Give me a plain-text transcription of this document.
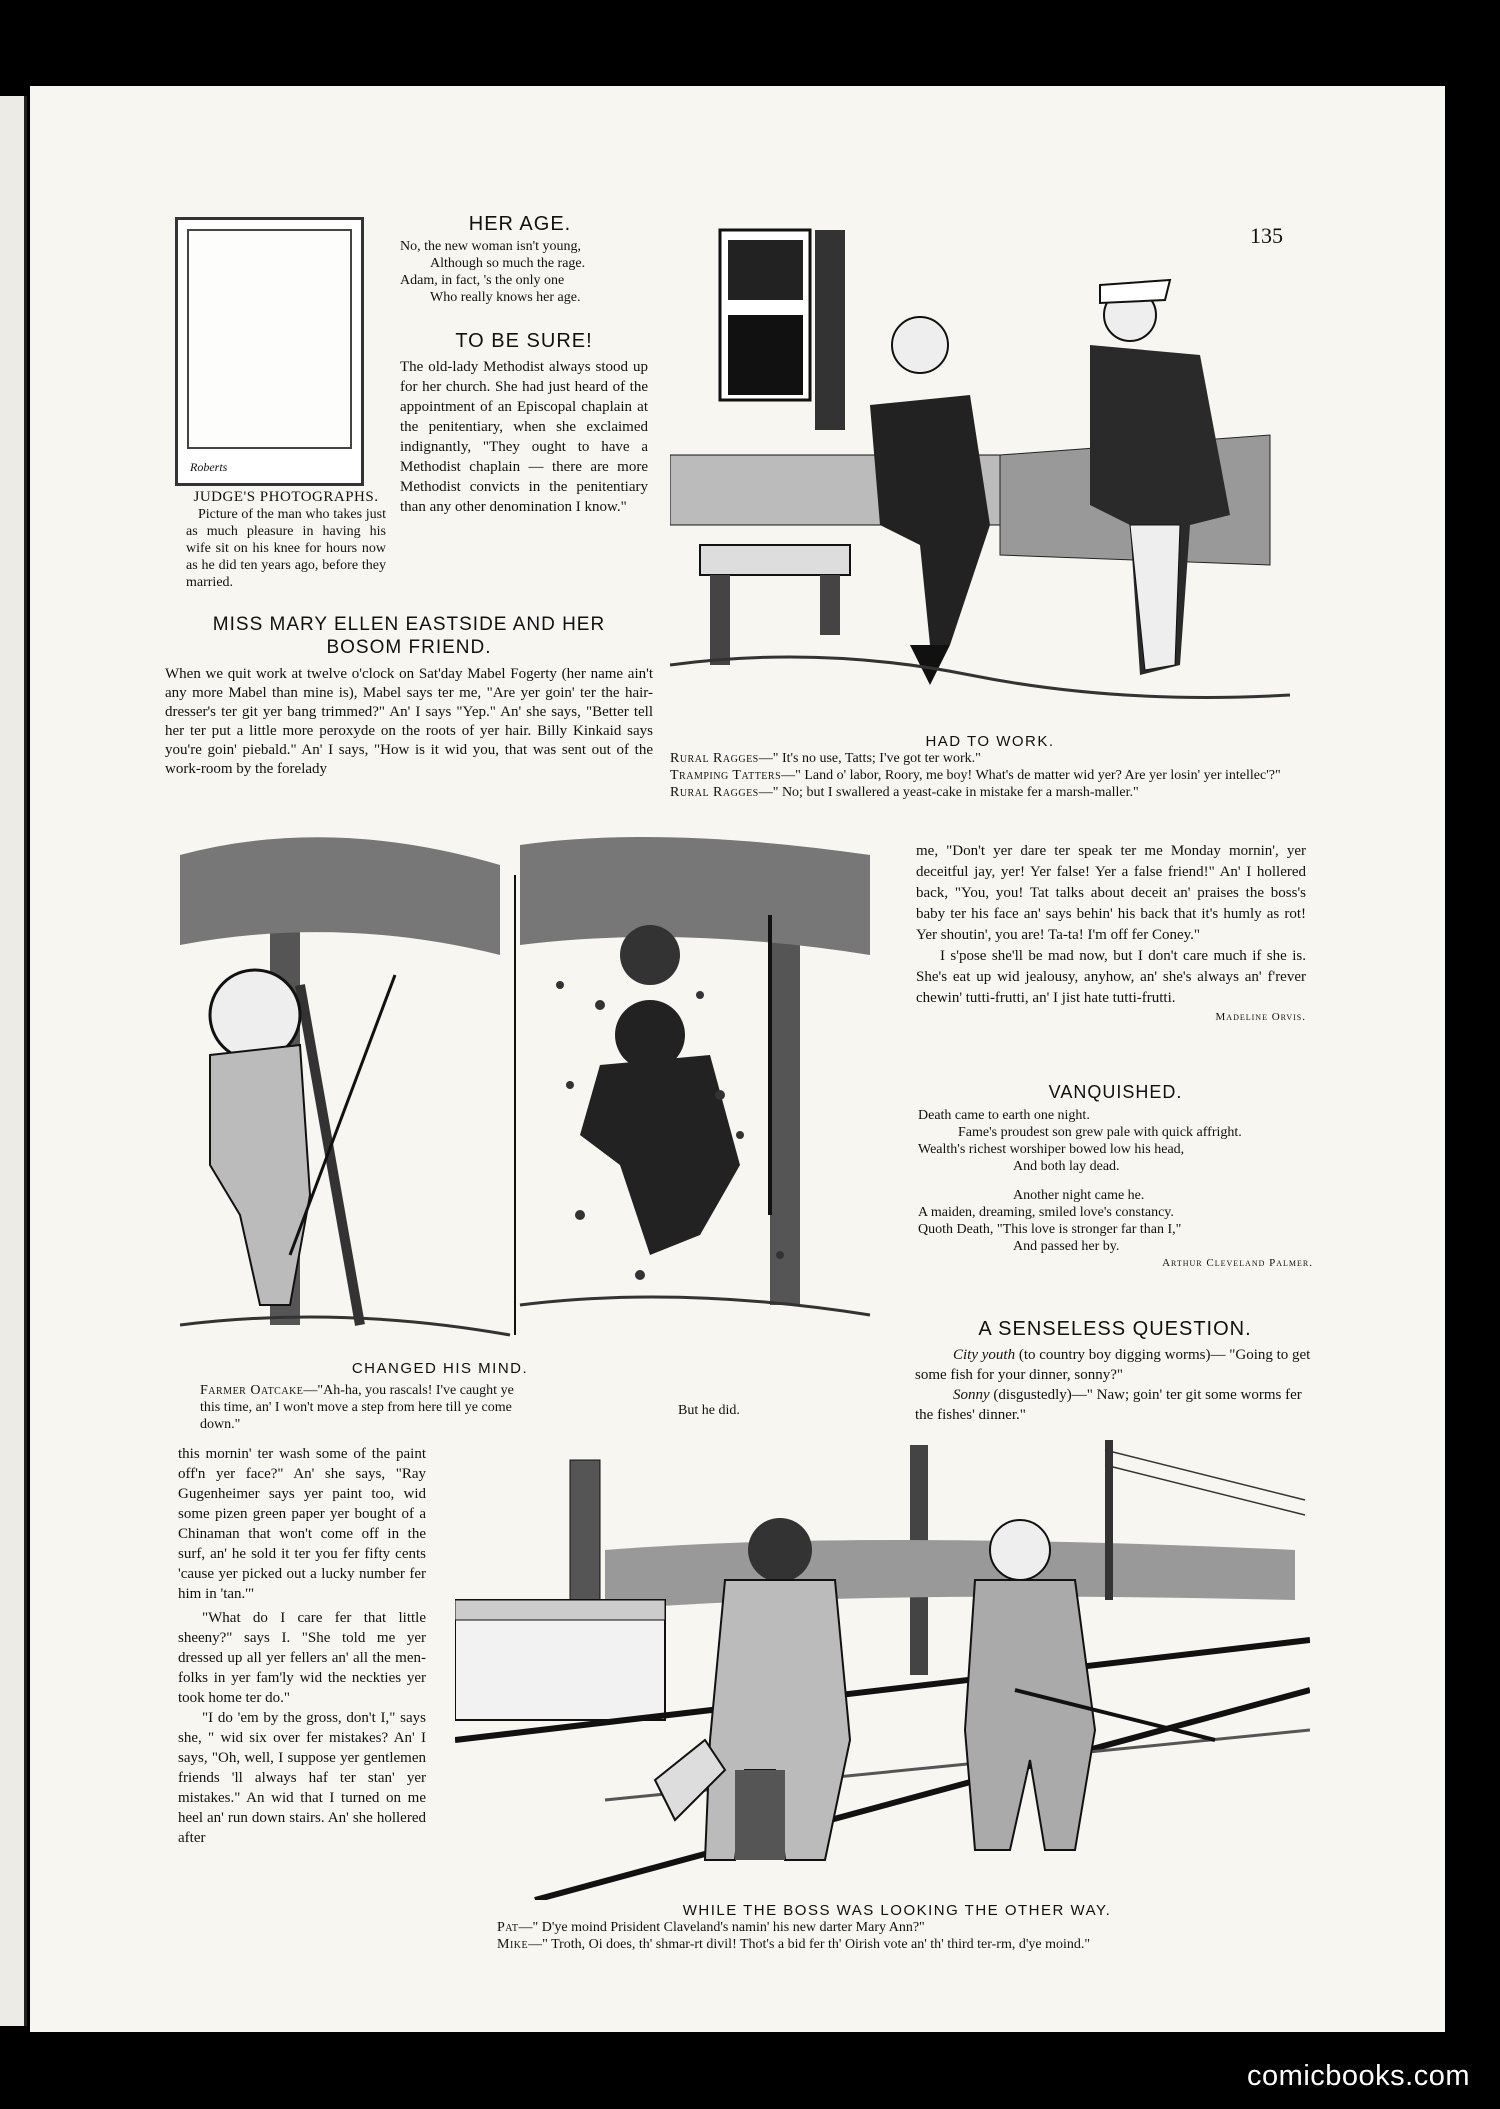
135
Roberts
JUDGE'S PHOTOGRAPHS.

Picture of the man who takes just as much pleasure in having his wife sit on his knee for hours now as he did ten years ago, before they married.

HER AGE.

No, the new woman isn't young,

Although so much the rage.

Adam, in fact, 's the only one

Who really knows her age.

TO BE SURE!

The old-lady Methodist always stood up for her church. She had just heard of the appointment of an Episcopal chaplain at the penitentiary, when she exclaimed indignantly, "They ought to have a Methodist chaplain — there are more Methodist convicts in the penitentiary than any other denomination I know."

HAD TO WORK.

Rural Ragges—" It's no use, Tatts; I've got ter work."

Tramping Tatters—" Land o' labor, Roory, me boy! What's de matter wid yer? Are yer losin' yer intellec'?"

Rural Ragges—" No; but I swallered a yeast-cake in mistake fer a marsh-maller."

MISS MARY ELLEN EASTSIDE AND HER
BOSOM FRIEND.

When we quit work at twelve o'clock on Sat'day Mabel Fogerty (her name ain't any more Mabel than mine is), Mabel says ter me, "Are yer goin' ter the hair-dresser's ter git yer bang trimmed?" An' I says "Yep." An' she says, "Better tell her ter put a little more peroxyde on the roots of yer hair. Billy Kinkaid says you're goin' piebald." An' I says, "How is it wid you, that was sent out of the work-room by the forelady

CHANGED HIS MIND.
Farmer Oatcake—"Ah-ha, you rascals! I've caught ye this time, an' I won't move a step from here till ye come down."
But he did.

me, "Don't yer dare ter speak ter me Monday mornin', yer deceitful jay, yer! Yer false! Yer a false friend!" An' I hollered back, "You, you! Tat talks about deceit an' praises the boss's baby ter his face an' says behin' his back that it's humly as rot! Yer shoutin', you are! Ta-ta! I'm off fer Coney."

I s'pose she'll be mad now, but I don't care much if she is. She's eat up wid jealousy, anyhow, an' she's always an' f'rever chewin' tutti-frutti, an' I jist hate tutti-frutti.

Madeline Orvis.
VANQUISHED.

Death came to earth one night.

Fame's proudest son grew pale with quick affright.

Wealth's richest worshiper bowed low his head,

And both lay dead.

Another night came he.

A maiden, dreaming, smiled love's constancy.

Quoth Death, "This love is stronger far than I,"

And passed her by.

Arthur Cleveland Palmer.
A SENSELESS QUESTION.

City youth (to country boy digging worms)— "Going to get some fish for your dinner, sonny?"

Sonny (disgustedly)—" Naw; goin' ter git some worms fer the fishes' dinner."

this mornin' ter wash some of the paint off'n yer face?" An' she says, "Ray Gugenheimer says yer paint too, wid some pizen green paper yer bought of a Chinaman that won't come off in the surf, an' he sold it ter you fer fifty cents 'cause yer picked out a lucky number fer him in 'tan.'"

"What do I care fer that little sheeny?" says I. "She told me yer dressed up all yer fellers an' all the men-folks in yer fam'ly wid the neckties yer took home ter do."

"I do 'em by the gross, don't I," says she, " wid six over fer mistakes? An' I says, "Oh, well, I suppose yer gentlemen friends 'll always haf ter stan' yer mistakes." An wid that I turned on me heel an' run down stairs. An' she hollered after

WHILE THE BOSS WAS LOOKING THE OTHER WAY.

Pat—" D'ye moind Prisident Claveland's namin' his new darter Mary Ann?"

Mike—" Troth, Oi does, th' shmar-rt divil! Thot's a bid fer th' Oirish vote an' th' third ter-rm, d'ye moind."

comicbooks.com
